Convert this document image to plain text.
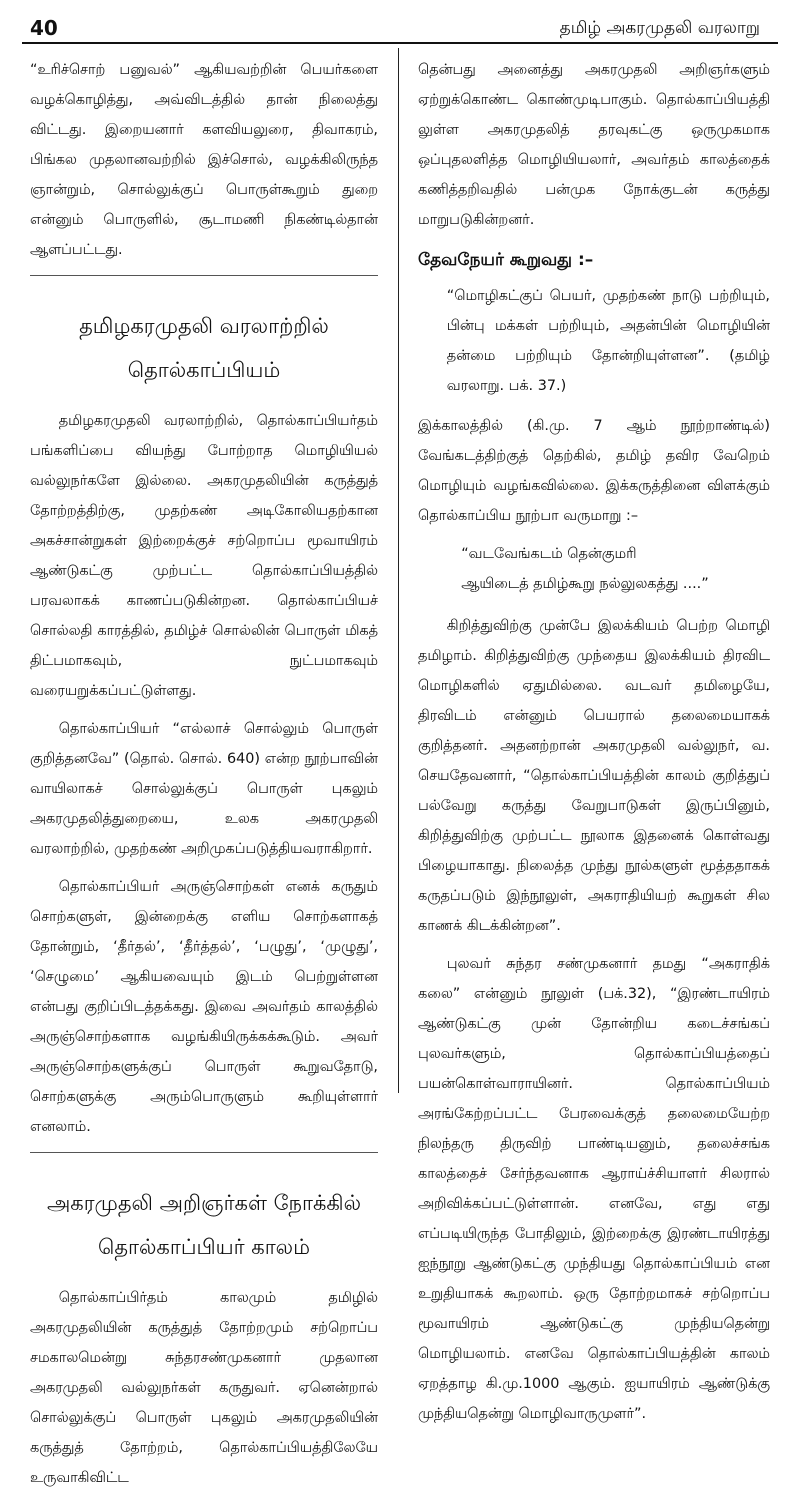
40	தமிழ் அகரமுதலி வரலாறு

“உரிச்சொற் பனுவல்” ஆகியவற்றின் பெயர்களை வழக்கொழித்து, அவ்விடத்தில் தான் நிலைத்து விட்டது. இறையனார் களவியலுரை, திவாகரம், பிங்கல முதலானவற்றில் இச்சொல், வழக்கிலிருந்த ஞான்றும், சொல்லுக்குப் பொருள்கூறும் துறை என்னும் பொருளில், சூடாமணி நிகண்டில்தான் ஆளப்பட்டது.

தமிழகரமுதலி வரலாற்றில்
தொல்காப்பியம்

தமிழகரமுதலி வரலாற்றில், தொல்காப்பியர்தம் பங்களிப்பை வியந்து போற்றாத மொழியியல் வல்லுநர்களே இல்லை. அகரமுதலியின் கருத்துத் தோற்றத்திற்கு, முதற்கண் அடிகோலியதற்கான அகச்சான்றுகள் இற்றைக்குச் சற்றொப்ப மூவாயிரம் ஆண்டுகட்கு முற்பட்ட தொல்காப்பியத்தில் பரவலாகக் காணப்படுகின்றன. தொல்காப்பியச் சொல்லதி காரத்தில், தமிழ்ச் சொல்லின் பொருள் மிகத் திட்பமாகவும், நுட்பமாகவும் வரையறுக்கப்பட்டுள்ளது.

தொல்காப்பியர் “எல்லாச் சொல்லும் பொருள் குறித்தனவே” (தொல். சொல். 640) என்ற நூற்பாவின் வாயிலாகச் சொல்லுக்குப் பொருள் புகலும் அகரமுதலித்துறையை, உலக அகரமுதலி வரலாற்றில், முதற்கண் அறிமுகப்படுத்தியவராகிறார்.

தொல்காப்பியர் அருஞ்சொற்கள் எனக் கருதும் சொற்களுள், இன்றைக்கு எளிய சொற்களாகத் தோன்றும், ‘தீர்தல்’, ‘தீர்த்தல்’, ‘பழுது’, ‘முழுது’, ‘செழுமை’ ஆகியவையும் இடம் பெற்றுள்ளன என்பது குறிப்பிடத்தக்கது. இவை அவர்தம் காலத்தில் அருஞ்சொற்களாக வழங்கியிருக்கக்கூடும். அவர் அருஞ்சொற்களுக்குப் பொருள் கூறுவதோடு, சொற்களுக்கு அரும்பொருளும் கூறியுள்ளார் எனலாம்.

அகரமுதலி அறிஞர்கள் நோக்கில்
தொல்காப்பியர் காலம்

தொல்காப்பிர்தம் காலமும் தமிழில் அகரமுதலியின் கருத்துத் தோற்றமும் சற்றொப்ப சமகாலமென்று சுந்தரசண்முகனார் முதலான அகரமுதலி வல்லுநர்கள் கருதுவர். ஏனென்றால் சொல்லுக்குப் பொருள் புகலும் அகரமுதலியின் கருத்துத் தோற்றம், தொல்காப்பியத்திலேயே உருவாகிவிட்ட

தென்பது அனைத்து அகரமுதலி அறிஞர்களும் ஏற்றுக்கொண்ட கொண்முடிபாகும். தொல்காப்பியத்தி லுள்ள அகரமுதலித் தரவுகட்கு ஒருமுகமாக ஒப்புதலளித்த மொழியியலார், அவர்தம் காலத்தைக் கணித்தறிவதில் பன்முக நோக்குடன் கருத்து மாறுபடுகின்றனர்.

தேவநேயர் கூறுவது :–

“மொழிகட்குப் பெயர், முதற்கண் நாடு பற்றியும், பின்பு மக்கள் பற்றியும், அதன்பின் மொழியின் தன்மை பற்றியும் தோன்றியுள்ளன”. (தமிழ் வரலாறு. பக். 37.)

இக்காலத்தில் (கி.மு. 7 ஆம் நூற்றாண்டில்) வேங்கடத்திற்குத் தெற்கில், தமிழ் தவிர வேறெம் மொழியும் வழங்கவில்லை. இக்கருத்தினை விளக்கும் தொல்காப்பிய நூற்பா வருமாறு :–

“வடவேங்கடம் தென்குமரி
ஆயிடைத் தமிழ்கூறு நல்லுலகத்து ....”

கிறித்துவிற்கு முன்பே இலக்கியம் பெற்ற மொழி தமிழாம். கிறித்துவிற்கு முந்தைய இலக்கியம் திரவிட மொழிகளில் ஏதுமில்லை. வடவர் தமிழையே, திரவிடம் என்னும் பெயரால் தலைமையாகக் குறித்தனர். அதனற்றான் அகரமுதலி வல்லுநர், வ. செயதேவனார், “தொல்காப்பியத்தின் காலம் குறித்துப் பல்வேறு கருத்து வேறுபாடுகள் இருப்பினும், கிறித்துவிற்கு முற்பட்ட நூலாக இதனைக் கொள்வது பிழையாகாது. நிலைத்த முந்து நூல்களுள் மூத்ததாகக் கருதப்படும் இந்நூலுள், அகராதியியற் கூறுகள் சில காணக் கிடக்கின்றன”.

புலவர் சுந்தர சண்முகனார் தமது “அகராதிக் கலை” என்னும் நூலுள் (பக்.32), “இரண்டாயிரம் ஆண்டுகட்கு முன் தோன்றிய கடைச்சங்கப் புலவர்களும், தொல்காப்பியத்தைப் பயன்கொள்வாராயினர். தொல்காப்பியம் அரங்கேற்றப்பட்ட பேரவைக்குத் தலைமையேற்ற நிலந்தரு திருவிற் பாண்டியனும், தலைச்சங்க காலத்தைச் சேர்ந்தவனாக ஆராய்ச்சியாளர் சிலரால் அறிவிக்கப்பட்டுள்ளான். எனவே, எது எது எப்படியிருந்த போதிலும், இற்றைக்கு இரண்டாயிரத்து ஐந்நூறு ஆண்டுகட்கு முந்தியது தொல்காப்பியம் என உறுதியாகக் கூறலாம். ஒரு தோற்றமாகச் சற்றொப்ப மூவாயிரம் ஆண்டுகட்கு முந்தியதென்று மொழியலாம். எனவே தொல்காப்பியத்தின் காலம் ஏறத்தாழ கி.மு.1000 ஆகும். ஐயாயிரம் ஆண்டுக்கு முந்தியதென்று மொழிவாருமுளர்”.
